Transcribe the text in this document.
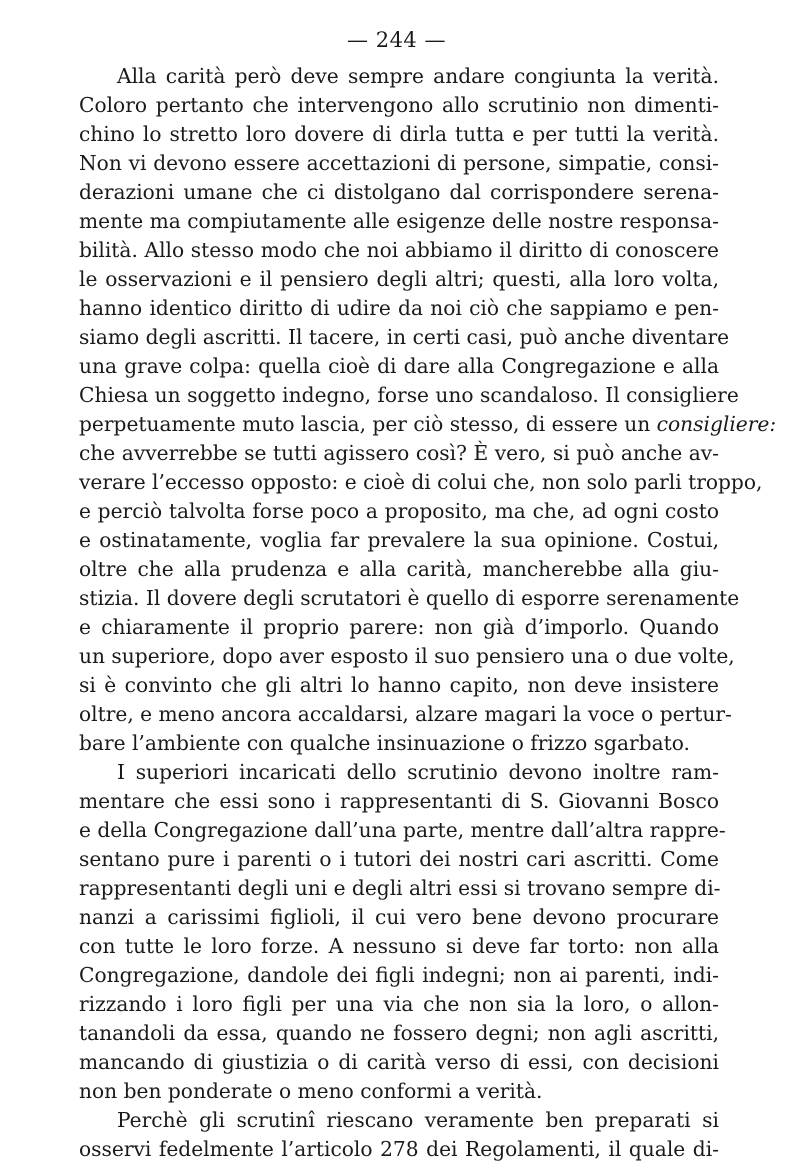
— 244 —
Alla carità però deve sempre andare congiunta la verità.
Coloro pertanto che intervengono allo scrutinio non dimenti-
chino lo stretto loro dovere di dirla tutta e per tutti la verità.
Non vi devono essere accettazioni di persone, simpatie, consi-
derazioni umane che ci distolgano dal corrispondere serena-
mente ma compiutamente alle esigenze delle nostre responsa-
bilità. Allo stesso modo che noi abbiamo il diritto di conoscere
le osservazioni e il pensiero degli altri; questi, alla loro volta,
hanno identico diritto di udire da noi ciò che sappiamo e pen-
siamo degli ascritti. Il tacere, in certi casi, può anche diventare
una grave colpa: quella cioè di dare alla Congregazione e alla
Chiesa un soggetto indegno, forse uno scandaloso. Il consigliere
perpetuamente muto lascia, per ciò stesso, di essere un consigliere:
che avverrebbe se tutti agissero così? È vero, si può anche av-
verare l’eccesso opposto: e cioè di colui che, non solo parli troppo,
e perciò talvolta forse poco a proposito, ma che, ad ogni costo
e ostinatamente, voglia far prevalere la sua opinione. Costui,
oltre che alla prudenza e alla carità, mancherebbe alla giu-
stizia. Il dovere degli scrutatori è quello di esporre serenamente
e chiaramente il proprio parere: non già d’imporlo. Quando
un superiore, dopo aver esposto il suo pensiero una o due volte,
si è convinto che gli altri lo hanno capito, non deve insistere
oltre, e meno ancora accaldarsi, alzare magari la voce o pertur-
bare l’ambiente con qualche insinuazione o frizzo sgarbato.
I superiori incaricati dello scrutinio devono inoltre ram-
mentare che essi sono i rappresentanti di S. Giovanni Bosco
e della Congregazione dall’una parte, mentre dall’altra rappre-
sentano pure i parenti o i tutori dei nostri cari ascritti. Come
rappresentanti degli uni e degli altri essi si trovano sempre di-
nanzi a carissimi figlioli, il cui vero bene devono procurare
con tutte le loro forze. A nessuno si deve far torto: non alla
Congregazione, dandole dei figli indegni; non ai parenti, indi-
rizzando i loro figli per una via che non sia la loro, o allon-
tanandoli da essa, quando ne fossero degni; non agli ascritti,
mancando di giustizia o di carità verso di essi, con decisioni
non ben ponderate o meno conformi a verità.
Perchè gli scrutinî riescano veramente ben preparati si
osservi fedelmente l’articolo 278 dei Regolamenti, il quale di-
